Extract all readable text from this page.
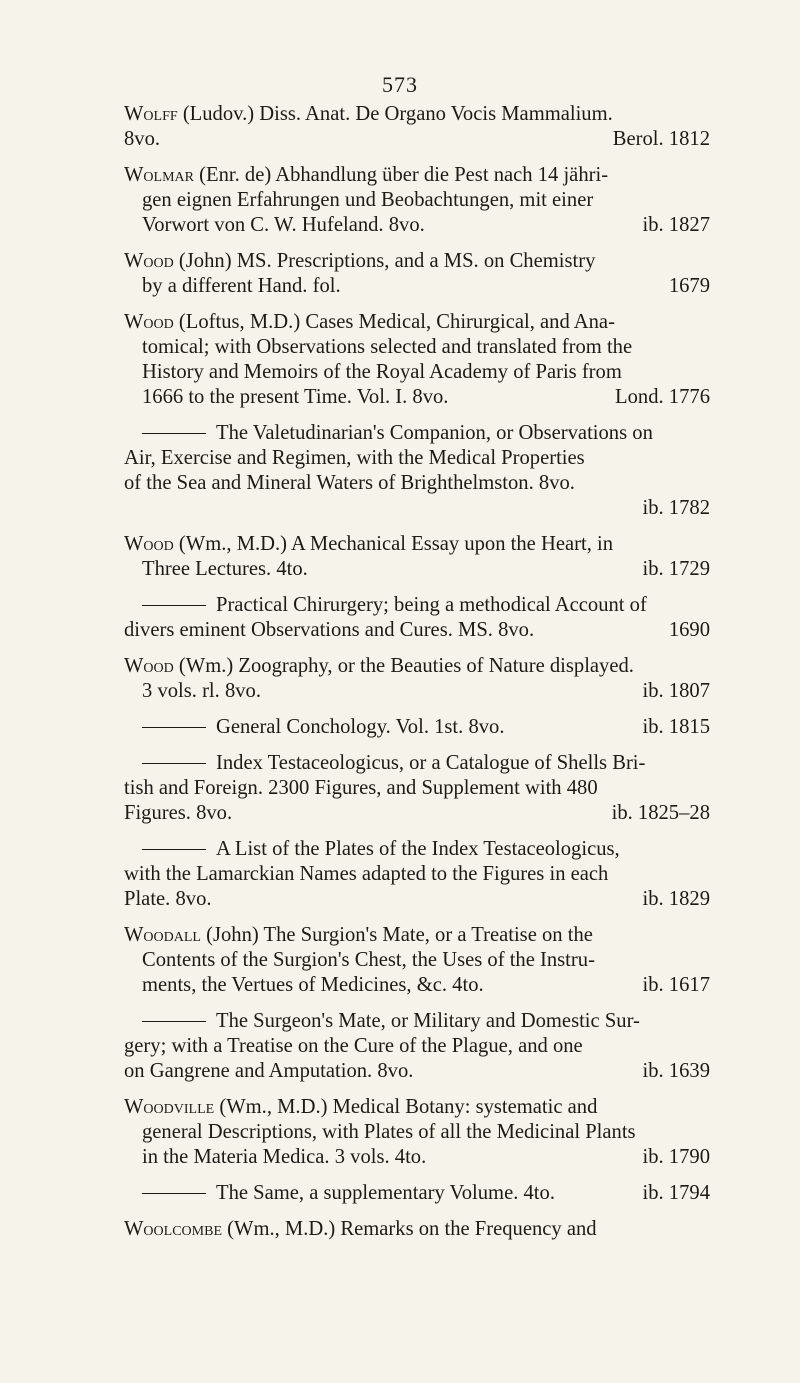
573
Wolff (Ludov.) Diss. Anat. De Organo Vocis Mammalium.
8vo.	Berol. 1812
Wolmar (Enr. de) Abhandlung über die Pest nach 14 jähri-
gen eignen Erfahrungen und Beobachtungen, mit einer
Vorwort von C. W. Hufeland. 8vo.	ib. 1827
Wood (John) MS. Prescriptions, and a MS. on Chemistry
by a different Hand. fol.	1679
Wood (Loftus, M.D.) Cases Medical, Chirurgical, and Ana-
tomical; with Observations selected and translated from the
History and Memoirs of the Royal Academy of Paris from
1666 to the present Time. Vol. I. 8vo.	Lond. 1776
The Valetudinarian's Companion, or Observations on
Air, Exercise and Regimen, with the Medical Properties
of the Sea and Mineral Waters of Brighthelmston. 8vo.
ib. 1782
Wood (Wm., M.D.) A Mechanical Essay upon the Heart, in
Three Lectures. 4to.	ib. 1729
Practical Chirurgery; being a methodical Account of
divers eminent Observations and Cures. MS. 8vo.	1690
Wood (Wm.) Zoography, or the Beauties of Nature displayed.
3 vols. rl. 8vo.	ib. 1807
General Conchology. Vol. 1st. 8vo.	ib. 1815
Index Testaceologicus, or a Catalogue of Shells Bri-
tish and Foreign. 2300 Figures, and Supplement with 480
Figures. 8vo.	ib. 1825–28
A List of the Plates of the Index Testaceologicus,
with the Lamarckian Names adapted to the Figures in each
Plate. 8vo.	ib. 1829
Woodall (John) The Surgion's Mate, or a Treatise on the
Contents of the Surgion's Chest, the Uses of the Instru-
ments, the Vertues of Medicines, &c. 4to.	ib. 1617
The Surgeon's Mate, or Military and Domestic Sur-
gery; with a Treatise on the Cure of the Plague, and one
on Gangrene and Amputation. 8vo.	ib. 1639
Woodville (Wm., M.D.) Medical Botany: systematic and
general Descriptions, with Plates of all the Medicinal Plants
in the Materia Medica. 3 vols. 4to.	ib. 1790
The Same, a supplementary Volume. 4to.	ib. 1794
Woolcombe (Wm., M.D.) Remarks on the Frequency and
